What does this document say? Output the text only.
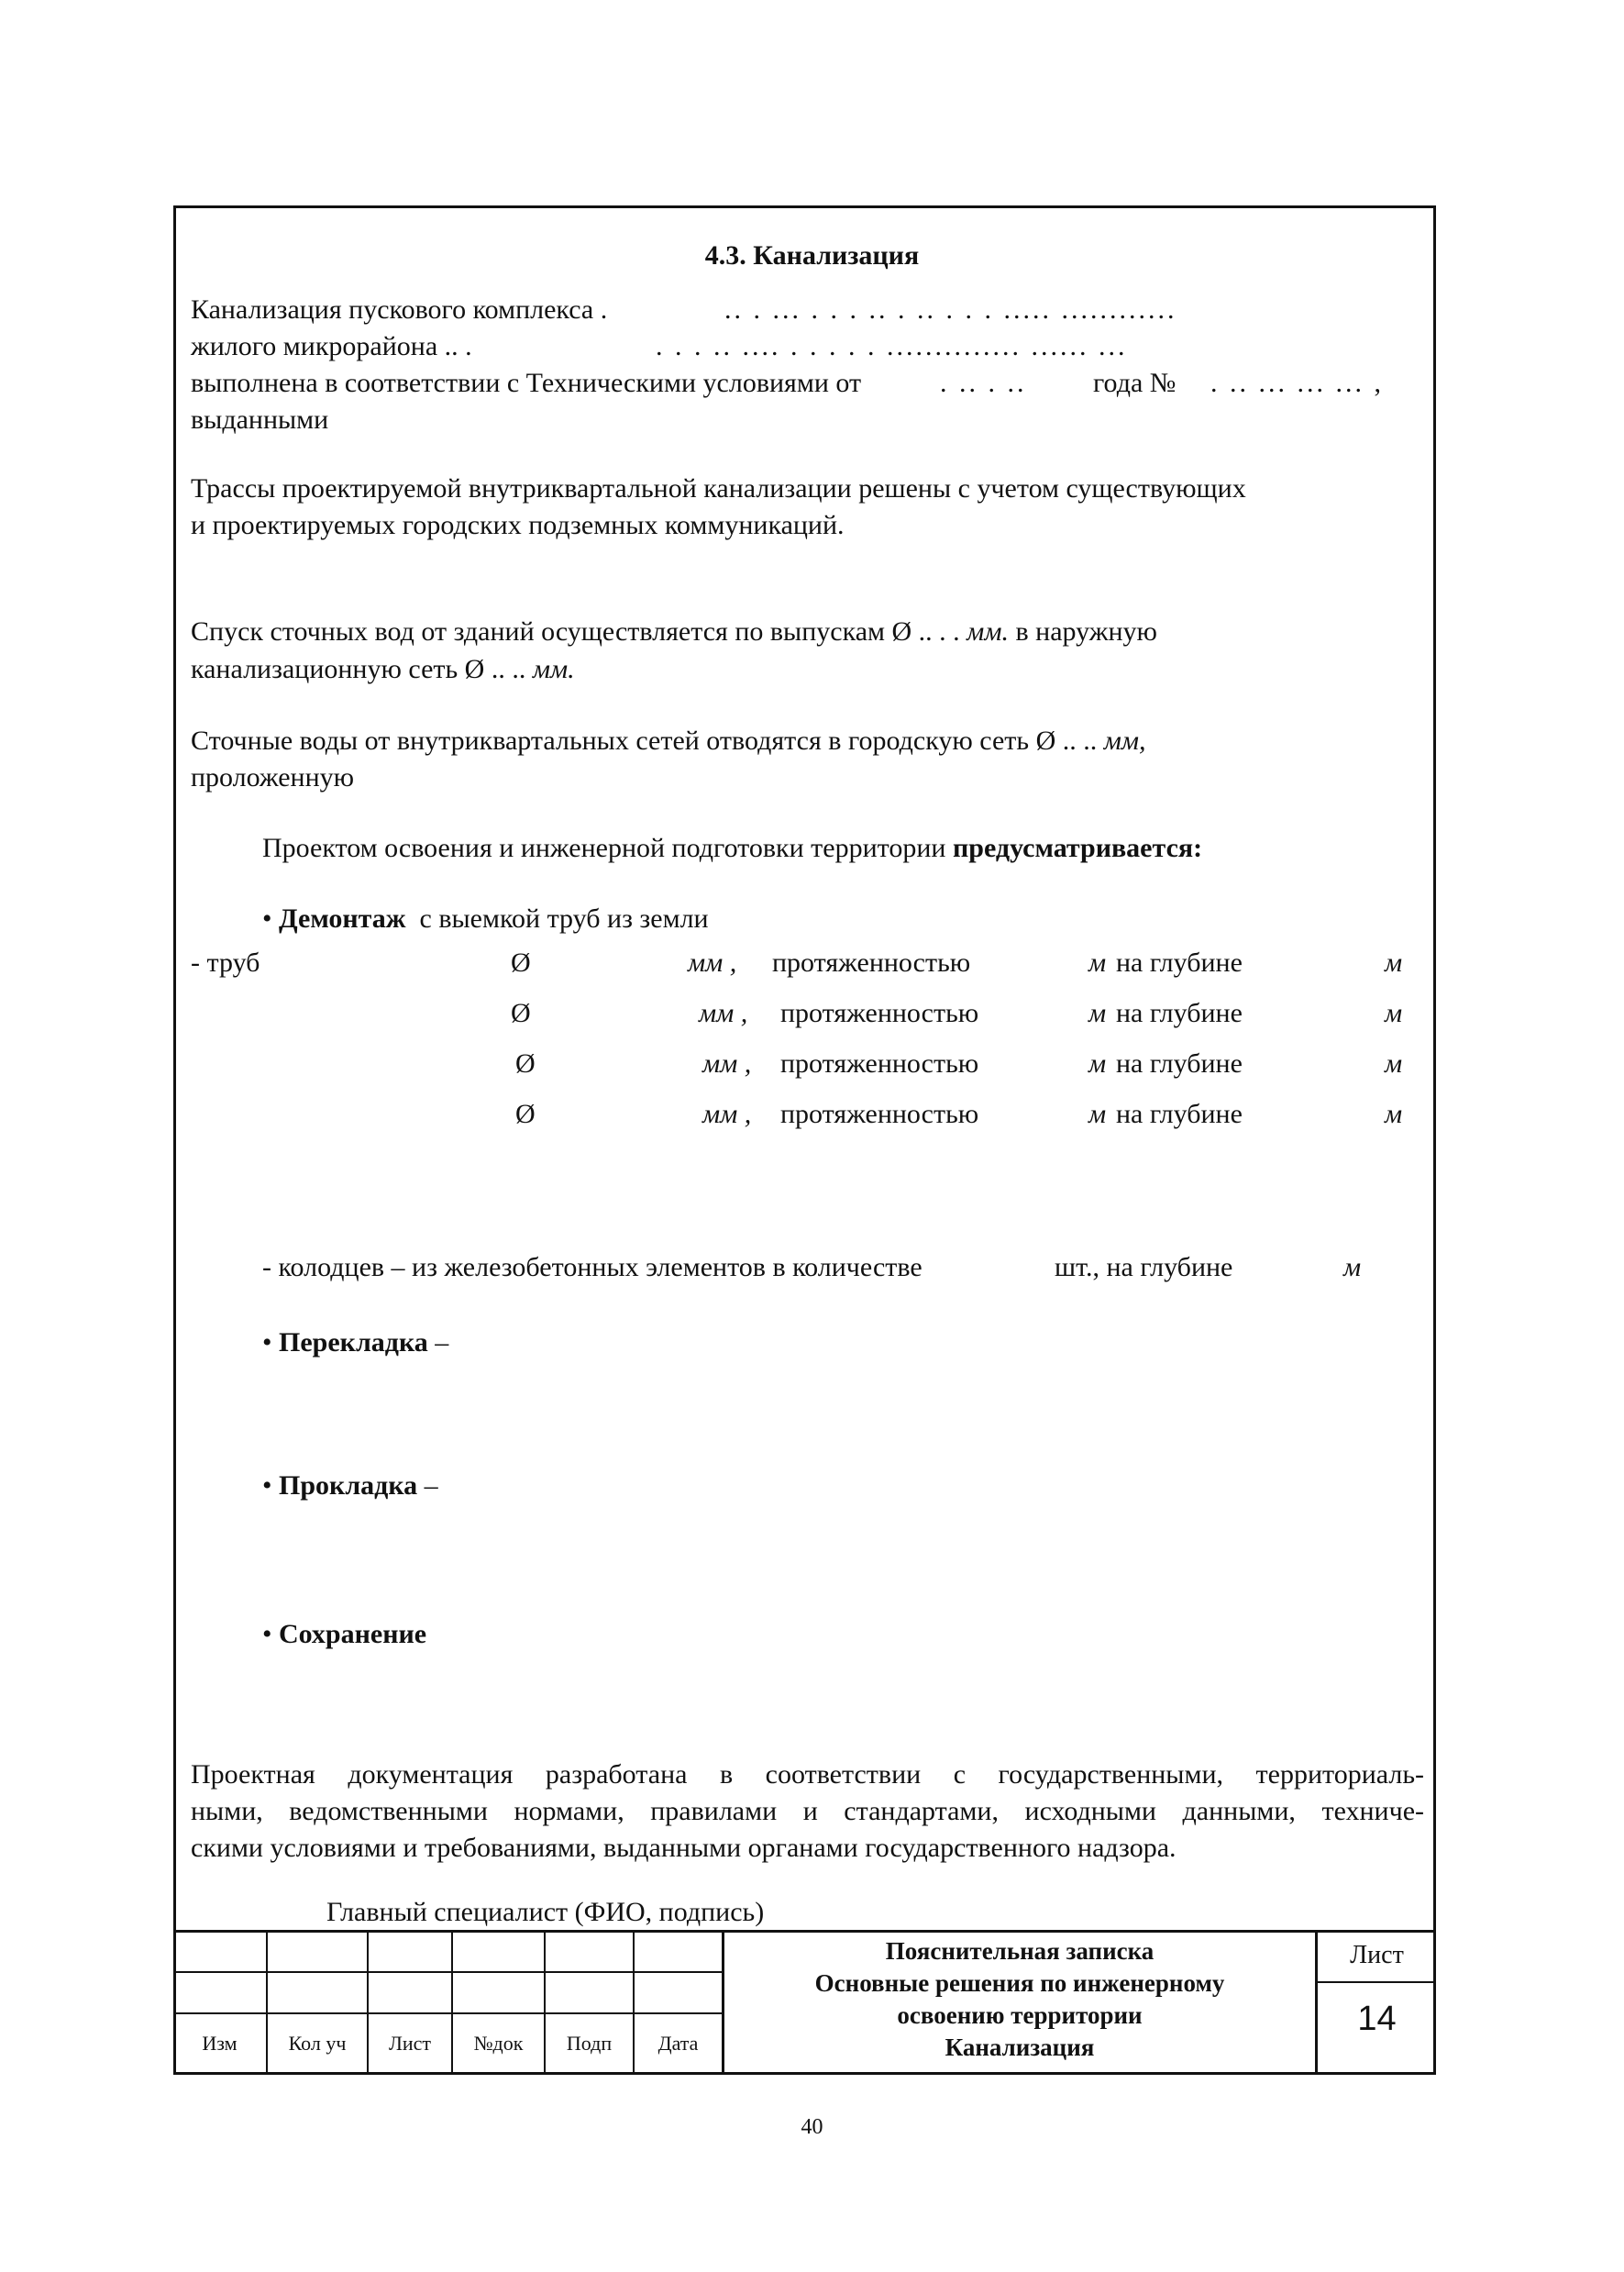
4.3. Канализация
Канализация пускового комплекса .	.. . ... . . . .. . .. . . . ..... ............
жилого микрорайона .. .	. . . .. .... . . . . . .............. ...... ...
выполнена в соответствии с Техническими условиями от	. .. . .. года № . .. ... ... ... ,
выданными
Трассы проектируемой внутриквартальной канализации решены с учетом существующих
и проектируемых городских подземных коммуникаций.
Спуск сточных вод от зданий осуществляется по выпускам Ø .. . . мм. в наружную
канализационную сеть Ø .. .. мм.
Сточные воды от внутриквартальных сетей отводятся в городскую сеть Ø .. .. мм,
проложенную
Проектом освоения и инженерной подготовки территории предусматривается:
• Демонтаж с выемкой труб из земли
- труб	Ø	мм , протяженностью	м на глубине	м
Ø	мм , протяженностью	м на глубине	м
Ø	мм , протяженностью	м на глубине	м
Ø	мм , протяженностью	м на глубине	м
- колодцев – из железобетонных элементов в количестве	шт., на глубине	м
• Перекладка –
• Прокладка –
• Сохранение
Проектная документация разработана в соответствии с государственными, территориаль-
ными, ведомственными нормами, правилами и стандартами, исходными данными, техниче-
скими условиями и требованиями, выданными органами государственного надзора.
Главный специалист (ФИО, подпись)
Изм	Кол уч	Лист	№док	Подп	Дата
Пояснительная записка
Основные решения по инженерному
освоению территории
Канализация
Лист
14
40
